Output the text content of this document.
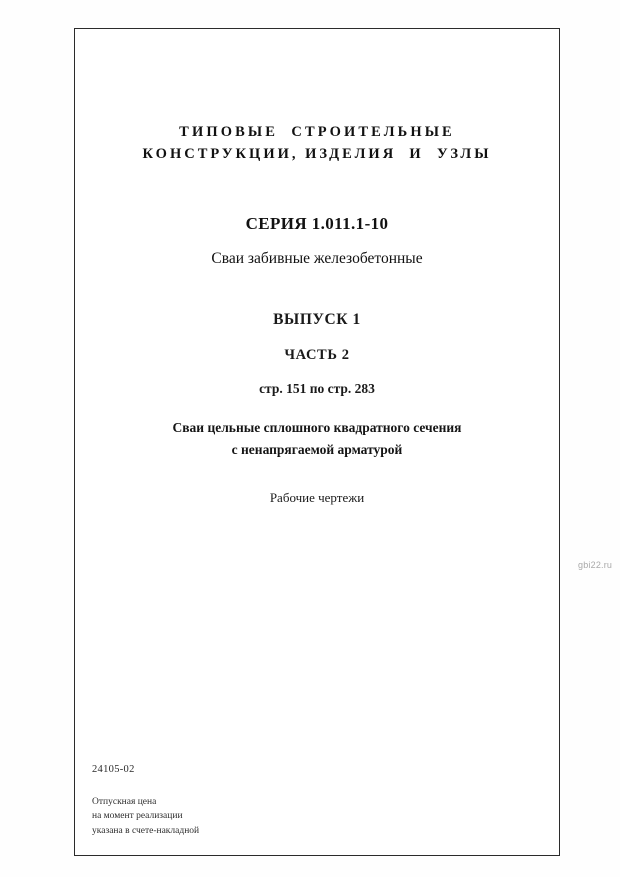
ТИПОВЫЕ  СТРОИТЕЛЬНЫЕ
КОНСТРУКЦИИ, ИЗДЕЛИЯ  И  УЗЛЫ
СЕРИЯ 1.011.1-10
Сваи забивные железобетонные
ВЫПУСК 1
ЧАСТЬ 2
стр. 151 по стр. 283
Сваи цельные сплошного квадратного сечения
с ненапрягаемой арматурой
Рабочие чертежи
24105-02
Отпускная цена
на момент реализации
указана в счете-накладной
gbi22.ru
